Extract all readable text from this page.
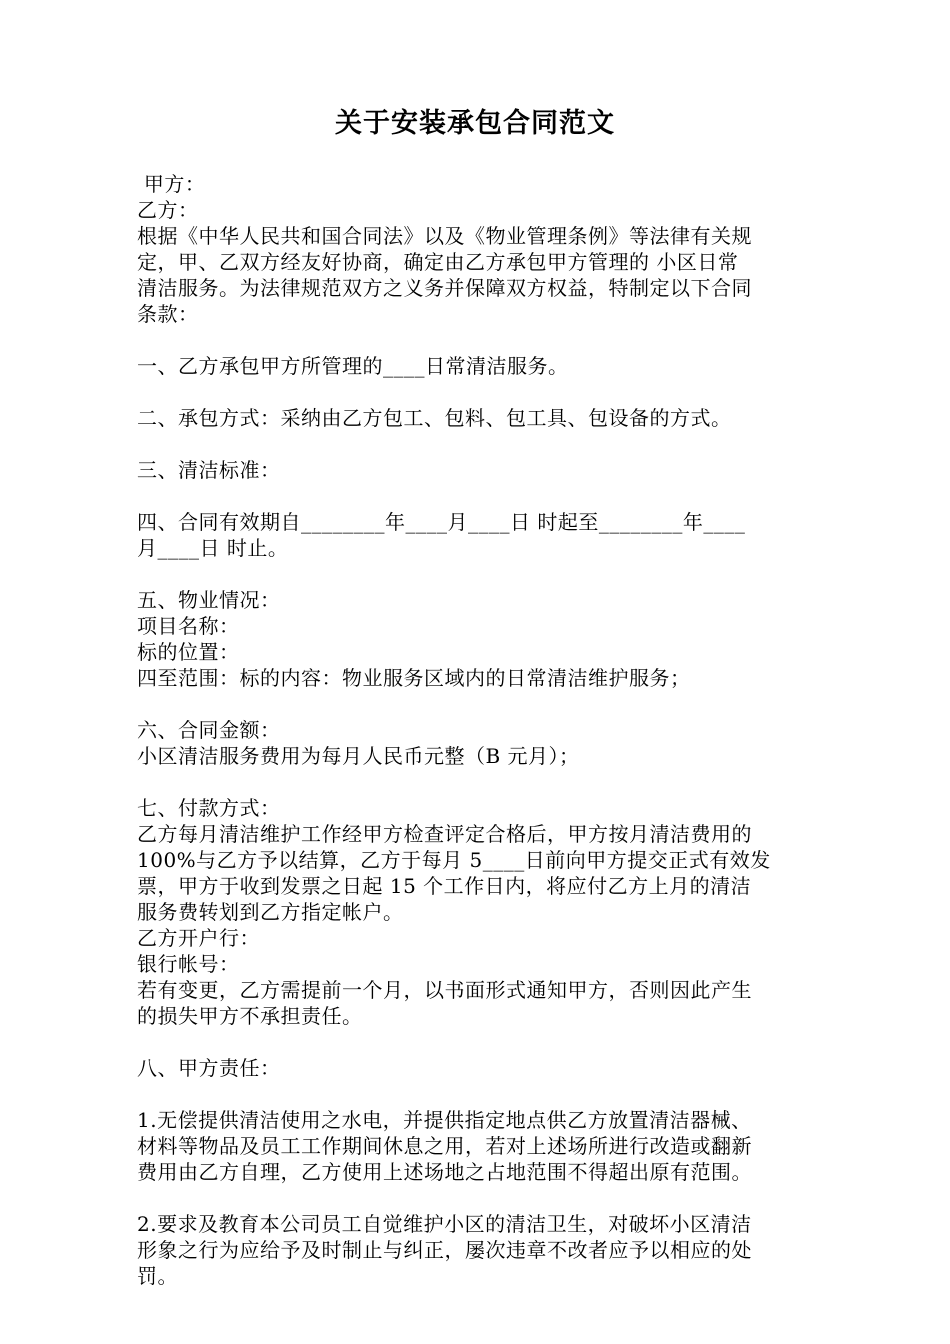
关于安装承包合同范文
甲方：
乙方：
根据《中华人民共和国合同法》以及《物业管理条例》等法律有关规
定，甲、乙双方经友好协商，确定由乙方承包甲方管理的 小区日常
清洁服务。为法律规范双方之义务并保障双方权益，特制定以下合同
条款：
一、乙方承包甲方所管理的____日常清洁服务。
二、承包方式：采纳由乙方包工、包料、包工具、包设备的方式。
三、清洁标准：
四、合同有效期自________年____月____日 时起至________年____
月____日 时止。
五、物业情况：
项目名称：
标的位置：
四至范围：标的内容：物业服务区域内的日常清洁维护服务；
六、合同金额：
小区清洁服务费用为每月人民币元整（B 元月）；
七、付款方式：
乙方每月清洁维护工作经甲方检查评定合格后，甲方按月清洁费用的
100%与乙方予以结算，乙方于每月 5____日前向甲方提交正式有效发
票，甲方于收到发票之日起 15 个工作日内，将应付乙方上月的清洁
服务费转划到乙方指定帐户。
乙方开户行：
银行帐号：
若有变更，乙方需提前一个月，以书面形式通知甲方，否则因此产生
的损失甲方不承担责任。
八、甲方责任：
1.无偿提供清洁使用之水电，并提供指定地点供乙方放置清洁器械、
材料等物品及员工工作期间休息之用，若对上述场所进行改造或翻新
费用由乙方自理，乙方使用上述场地之占地范围不得超出原有范围。
2.要求及教育本公司员工自觉维护小区的清洁卫生，对破坏小区清洁
形象之行为应给予及时制止与纠正，屡次违章不改者应予以相应的处
罚。
